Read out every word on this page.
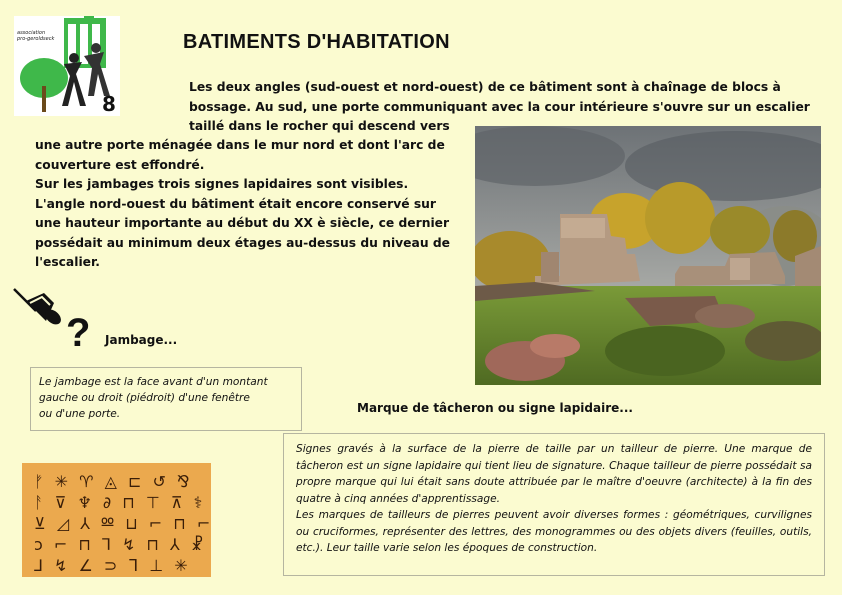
association
pro-geroldseck
8
BATIMENTS D'HABITATION
Les deux angles (sud-ouest et nord-ouest) de ce bâtiment sont à chaînage de blocs à
bossage. Au sud, une porte communiquant avec la cour intérieure s'ouvre sur un escalier
taillé dans le rocher qui descend vers
une autre porte ménagée dans le mur nord et dont l'arc de
couverture est effondré.
Sur les jambages trois signes lapidaires sont visibles.
L'angle nord-ouest du bâtiment était encore conservé sur
une hauteur importante au début du XX è siècle, ce dernier
possédait au minimum deux étages au-dessus du niveau de
l'escalier.
? Jambage...
Le jambage est la face avant d'un montant
gauche ou droit (piédroit) d'une fenêtre
ou d'une porte.	Marque de tâcheron ou signe lapidaire...

Signes gravés à la surface de la pierre de taille par un tailleur de pierre. Une marque de tâcheron est un signe lapidaire qui tient lieu de signature. Chaque tailleur de pierre possédait sa propre marque qui lui était sans doute attribuée par le maître d'oeuvre (architecte) à la fin des quatre à cinq années d'apprentissage.

Les marques de tailleurs de pierres peuvent avoir diverses formes : géométriques, curvilignes ou cruciformes, représenter des lettres, des monogrammes ou des objets divers (feuilles, outils, etc.). Leur taille varie selon les époques de construction.

ᚠ ✳ ♈ ◬ ⊏ ↺ ⅋
ᚨ ⊽ ♆ ∂ ⊓ ⊤ ⊼ ⚕
⊻ ◿ ⅄ Ⳬ ⊔ ⌐ ⊓ ⌐
ↄ ⌐ ⊓ ⅂ ↯ ⊓ ⅄ ☧
⅃ ↯ ∠ ⊃ ᒣ ⊥ ✳
